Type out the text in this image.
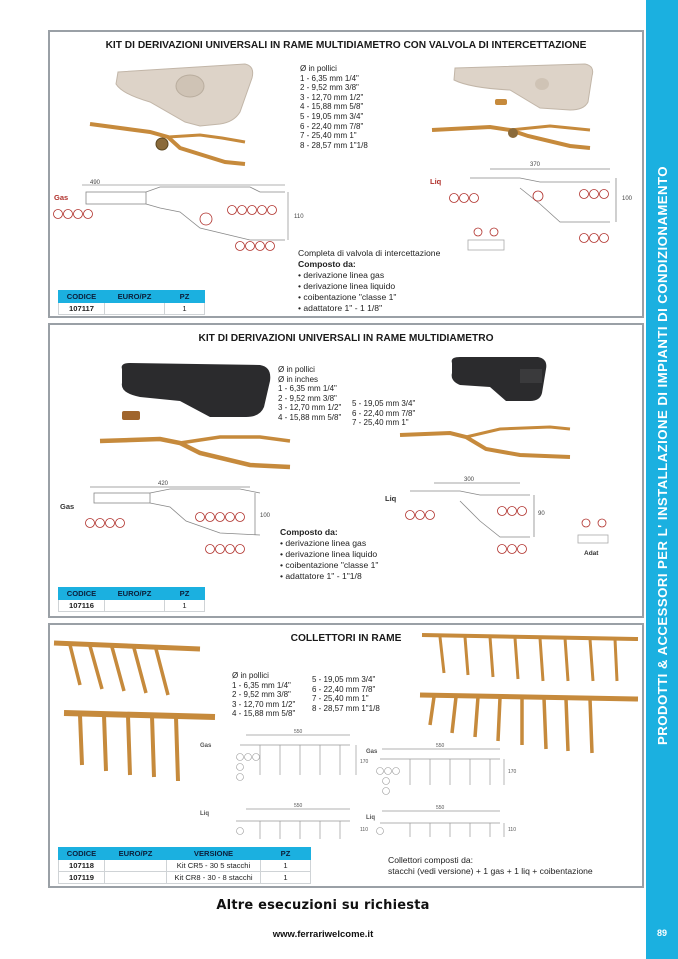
PRODOTTI & ACCESSORI PER L' INSTALLAZIONE DI IMPIANTI DI CONDIZIONAMENTO
89
KIT DI DERIVAZIONI UNIVERSALI IN RAME MULTIDIAMETRO CON VALVOLA DI INTERCETTAZIONE
490
110
Gas
370
100
Liq
Ø in pollici
1 - 6,35 mm 1/4"
2 - 9,52 mm 3/8"
3 - 12,70 mm 1/2"
4 - 15,88 mm 5/8"
5 - 19,05 mm 3/4"
6 - 22,40 mm 7/8"
7 - 25,40 mm 1"
8 - 28,57 mm 1"1/8
Completa di valvola di intercettazione
Composto da:
• derivazione linea gas
• derivazione linea liquido
• coibentazione "classe 1"
• adattatore 1" - 1 1/8"
CODICE	EURO/PZ	PZ
107117		1
KIT DI DERIVAZIONI UNIVERSALI IN RAME MULTIDIAMETRO
420
100
Gas
300
90
Liq
Adat
Ø in pollici
Ø in inches
1 - 6,35 mm 1/4"
2 - 9,52 mm 3/8"
3 - 12,70 mm 1/2"
4 - 15,88 mm 5/8"
5 - 19,05 mm 3/4"
6 - 22,40 mm 7/8"
7 - 25,40 mm 1"
Composto da:
• derivazione linea gas
• derivazione linea liquido
• coibentazione "classe 1"
• adattatore 1" - 1"1/8
CODICE	EURO/PZ	PZ
107116		1
COLLETTORI IN RAME
550
550
550
550
170
170
110	110
Gas
Gas
Liq
Liq
Ø in pollici
1 - 6,35 mm 1/4"
2 - 9,52 mm 3/8"
3 - 12,70 mm 1/2"
4 - 15,88 mm 5/8"
5 - 19,05 mm 3/4"
6 - 22,40 mm 7/8"
7 - 25,40 mm 1"
8 - 28,57 mm 1"1/8
Collettori composti da:
stacchi (vedi versione) + 1 gas + 1 liq + coibentazione
CODICE	EURO/PZ	VERSIONE	PZ
107118		Kit CR5 - 30 5 stacchi	1
107119		Kit CR8 - 30 - 8 stacchi	1
Altre esecuzioni su richiesta
www.ferrariwelcome.it
